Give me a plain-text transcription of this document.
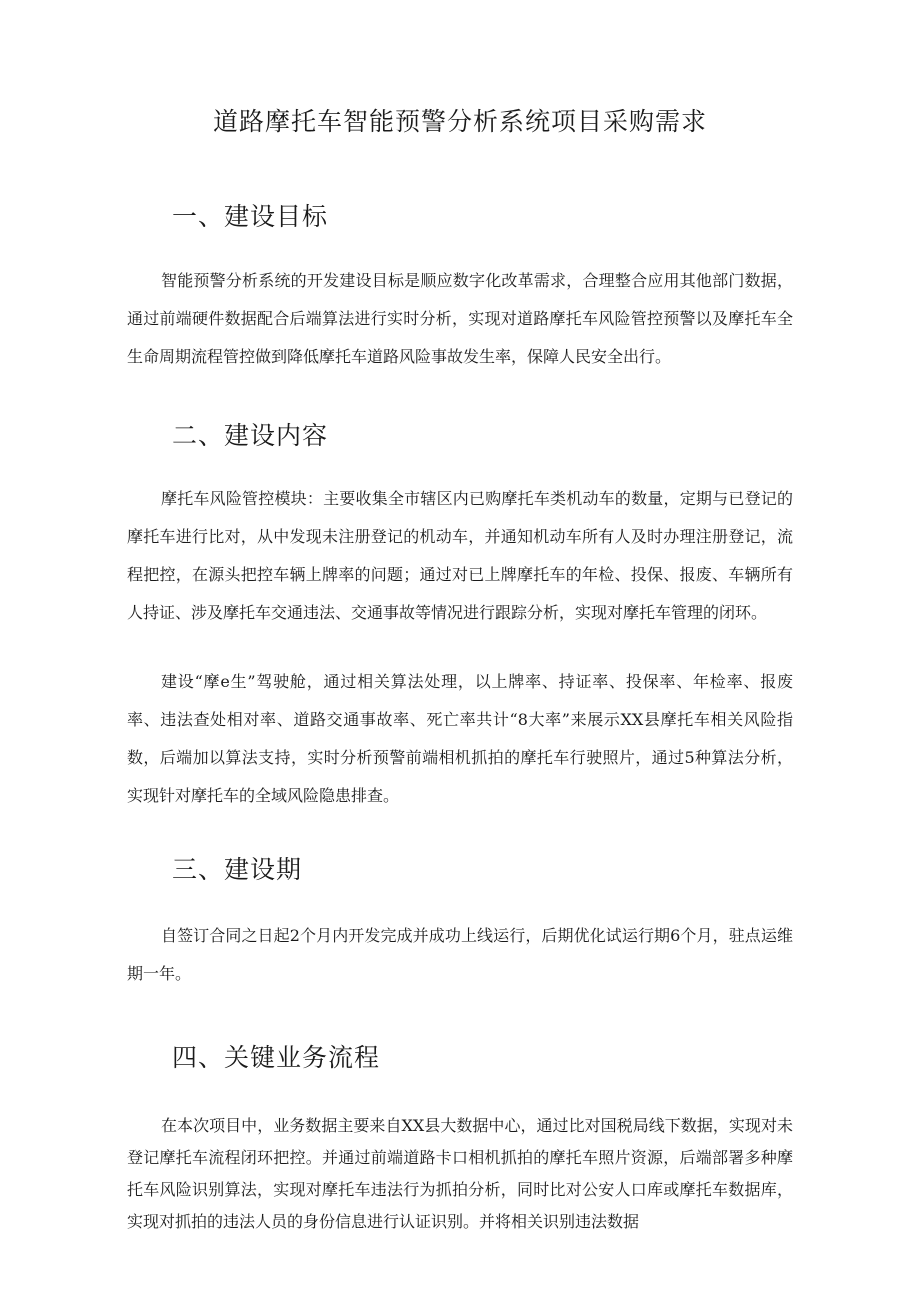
道路摩托车智能预警分析系统项目采购需求
一、建设目标

智能预警分析系统的开发建设目标是顺应数字化改革需求，合理整合应用其他部门数据，通过前端硬件数据配合后端算法进行实时分析，实现对道路摩托车风险管控预警以及摩托车全生命周期流程管控做到降低摩托车道路风险事故发生率，保障人民安全出行。

二、建设内容

摩托车风险管控模块：主要收集全市辖区内已购摩托车类机动车的数量，定期与已登记的摩托车进行比对，从中发现未注册登记的机动车，并通知机动车所有人及时办理注册登记，流程把控，在源头把控车辆上牌率的问题；通过对已上牌摩托车的年检、投保、报废、车辆所有人持证、涉及摩托车交通违法、交通事故等情况进行跟踪分析，实现对摩托车管理的闭环。

建设“摩e生”驾驶舱，通过相关算法处理，以上牌率、持证率、投保率、年检率、报废率、违法查处相对率、道路交通事故率、死亡率共计“8大率”来展示XX县摩托车相关风险指数，后端加以算法支持，实时分析预警前端相机抓拍的摩托车行驶照片，通过5种算法分析，实现针对摩托车的全域风险隐患排查。

三、建设期

自签订合同之日起2个月内开发完成并成功上线运行，后期优化试运行期6个月，驻点运维期一年。

四、关键业务流程

在本次项目中，业务数据主要来自XX县大数据中心，通过比对国税局线下数据，实现对未登记摩托车流程闭环把控。并通过前端道路卡口相机抓拍的摩托车照片资源，后端部署多种摩托车风险识别算法，实现对摩托车违法行为抓拍分析，同时比对公安人口库或摩托车数据库，实现对抓拍的违法人员的身份信息进行认证识别。并将相关识别违法数据
